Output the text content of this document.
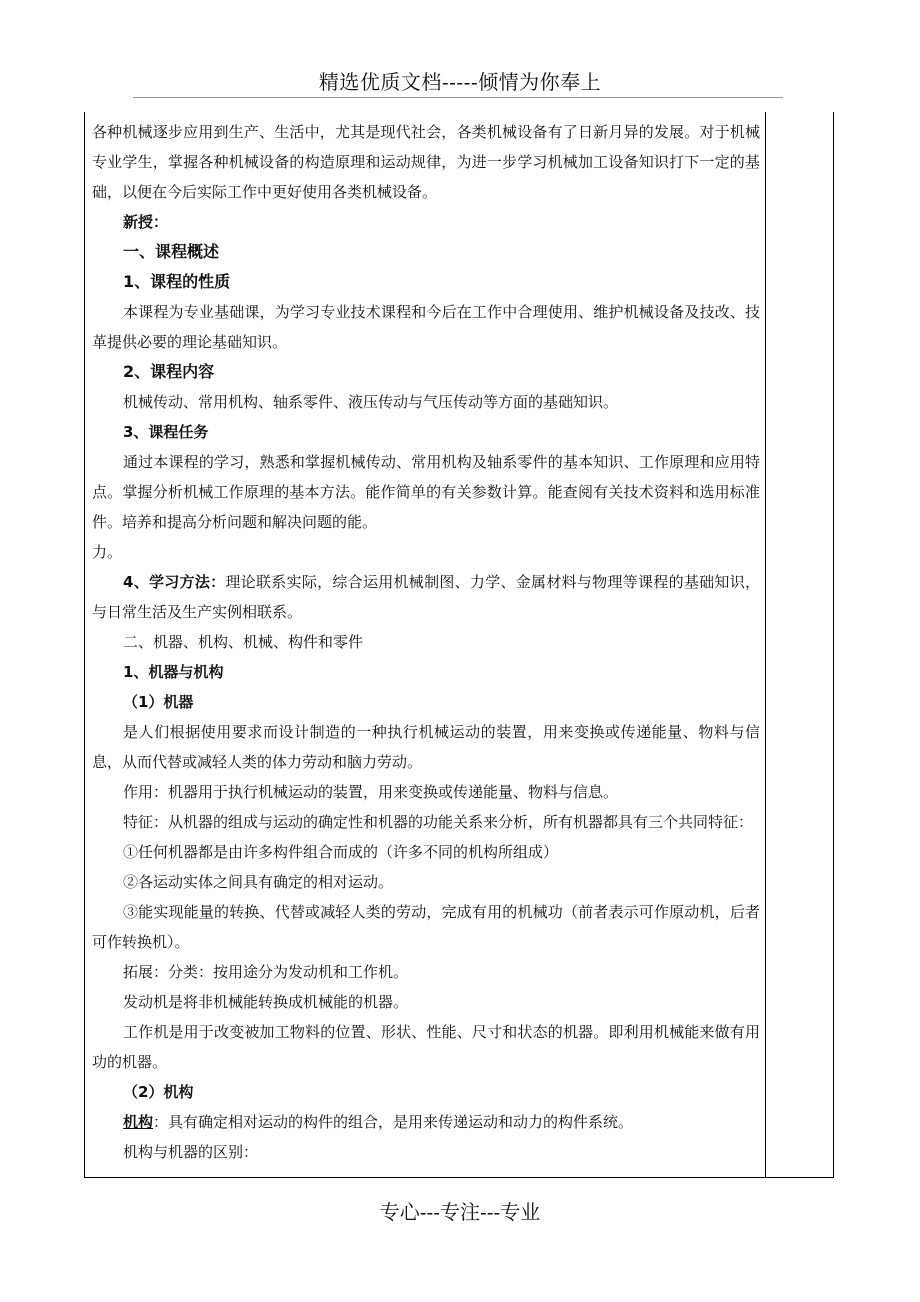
精选优质文档-----倾情为你奉上

各种机械逐步应用到生产、生活中，尤其是现代社会，各类机械设备有了日新月异的发展。对于机械专业学生，掌握各种机械设备的构造原理和运动规律，为进一步学习机械加工设备知识打下一定的基础，以便在今后实际工作中更好使用各类机械设备。

新授：

一、课程概述

1、课程的性质

本课程为专业基础课，为学习专业技术课程和今后在工作中合理使用、维护机械设备及技改、技革提供必要的理论基础知识。

2、课程内容

机械传动、常用机构、轴系零件、液压传动与气压传动等方面的基础知识。

3、课程任务

通过本课程的学习，熟悉和掌握机械传动、常用机构及轴系零件的基本知识、工作原理和应用特点。掌握分析机械工作原理的基本方法。能作简单的有关参数计算。能查阅有关技术资料和选用标准件。培养和提高分析问题和解决问题的能。

力。

4、学习方法：理论联系实际，综合运用机械制图、力学、金属材料与物理等课程的基础知识，与日常生活及生产实例相联系。

二、机器、机构、机械、构件和零件

1、机器与机构

（1）机器

是人们根据使用要求而设计制造的一种执行机械运动的装置，用来变换或传递能量、物料与信息，从而代替或减轻人类的体力劳动和脑力劳动。

作用：机器用于执行机械运动的装置，用来变换或传递能量、物料与信息。

特征：从机器的组成与运动的确定性和机器的功能关系来分析，所有机器都具有三个共同特征：

①任何机器都是由许多构件组合而成的（许多不同的机构所组成）

②各运动实体之间具有确定的相对运动。

③能实现能量的转换、代替或减轻人类的劳动，完成有用的机械功（前者表示可作原动机，后者可作转换机）。

拓展：分类：按用途分为发动机和工作机。

发动机是将非机械能转换成机械能的机器。

工作机是用于改变被加工物料的位置、形状、性能、尺寸和状态的机器。即利用机械能来做有用功的机器。

（2）机构

机构：具有确定相对运动的构件的组合，是用来传递运动和动力的构件系统。

机构与机器的区别：

专心---专注---专业
